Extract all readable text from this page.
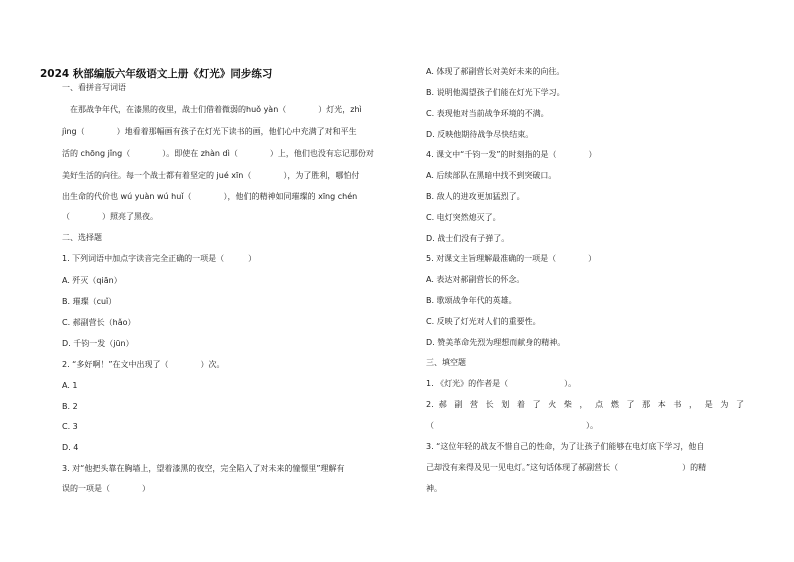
2024 秋部编版六年级语文上册《灯光》同步练习
一、看拼音写词语
在那战争年代，在漆黑的夜里，战士们借着微弱的huǒ yàn（　　　　）灯光，zhì
jìng（　　　　）地看着那幅画有孩子在灯光下读书的画，他们心中充满了对和平生
活的 chōng jǐng（　　　　）。即使在 zhàn dì（　　　　）上，他们也没有忘记那份对
美好生活的向往。每一个战士都有着坚定的 jué xīn（　　　　），为了胜利，哪怕付
出生命的代价也 wú yuàn wú huǐ（　　　　），他们的精神如同璀璨的 xīng chén
（　　　　）照亮了黑夜。
二、选择题
1. 下列词语中加点字读音完全正确的一项是（　　　）
A. 歼灭（qiān）
B. 璀璨（cuǐ）
C. 郝副营长（hǎo）
D. 千钧一发（jūn）
2. “多好啊！”在文中出现了（　　　　）次。
A. 1
B. 2
C. 3
D. 4
3. 对“他把头靠在胸墙上，望着漆黑的夜空，完全陷入了对未来的憧憬里”理解有
误的一项是（　　　　）
A. 体现了郝副营长对美好未来的向往。
B. 说明他渴望孩子们能在灯光下学习。
C. 表现他对当前战争环境的不满。
D. 反映他期待战争尽快结束。
4. 课文中“千钧一发”的时刻指的是（　　　　）
A. 后续部队在黑暗中找不到突破口。
B. 敌人的进攻更加猛烈了。
C. 电灯突然熄灭了。
D. 战士们没有子弹了。
5. 对课文主旨理解最准确的一项是（　　　　）
A. 表达对郝副营长的怀念。
B. 歌颂战争年代的英雄。
C. 反映了灯光对人们的重要性。
D. 赞美革命先烈为理想而献身的精神。
三、填空题
1. 《灯光》的作者是（　　　　　　　）。
2. 郝 副 营 长 划 着 了 火 柴 ， 点 燃 了 那 本 书 ， 是 为 了
（　　　　　　　　　　　　　　　　　　　）。
3. “这位年轻的战友不惜自己的性命，为了让孩子们能够在电灯底下学习，他自
己却没有来得及见一见电灯。”这句话体现了郝副营长（　　　　　　　　）的精
神。
